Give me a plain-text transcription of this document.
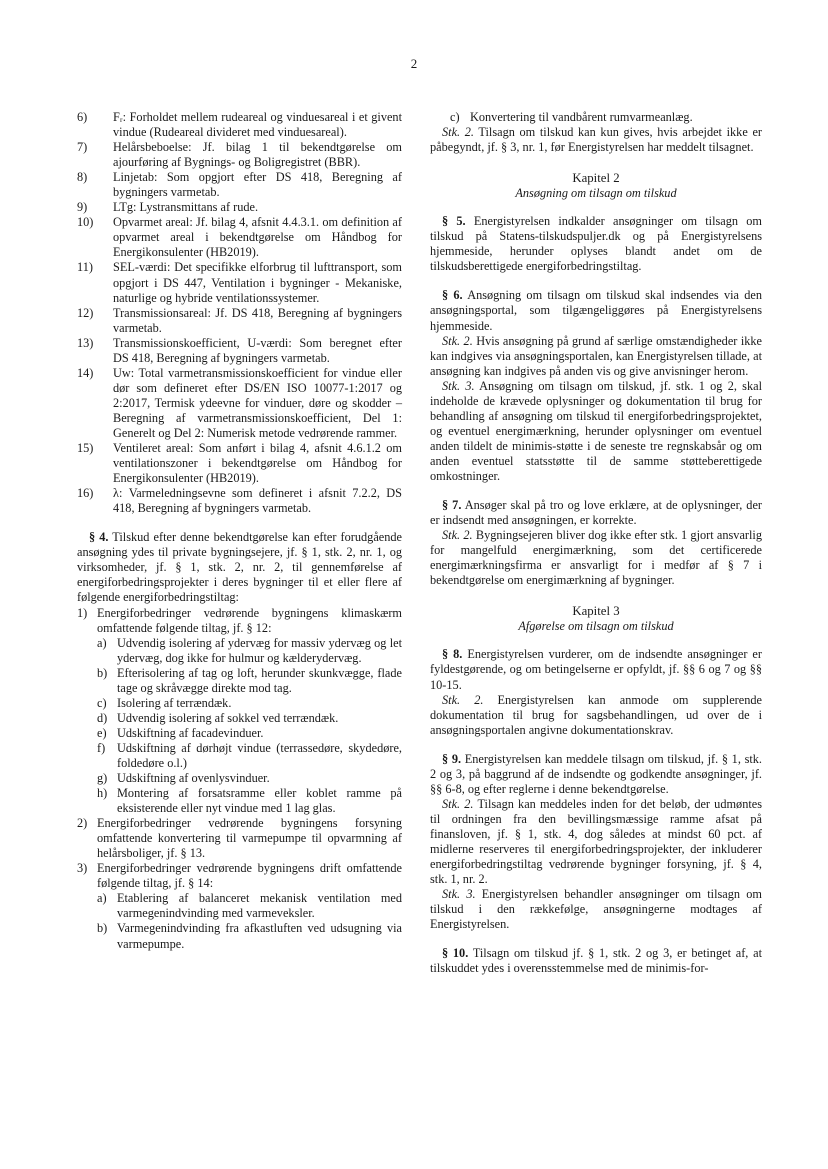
2
6)	Fᵣ: Forholdet mellem rudeareal og vinduesareal i et givent vindue (Rudeareal divideret med vinduesareal).
7)	Helårsbeboelse: Jf. bilag 1 til bekendtgørelse om ajourføring af Bygnings- og Boligregistret (BBR).
8)	Linjetab: Som opgjort efter DS 418, Beregning af bygningers varmetab.
9)	LTg: Lystransmittans af rude.
10)	Opvarmet areal: Jf. bilag 4, afsnit 4.4.3.1. om definition af opvarmet areal i bekendtgørelse om Håndbog for Energikonsulenter (HB2019).
11)	SEL-værdi: Det specifikke elforbrug til lufttransport, som opgjort i DS 447, Ventilation i bygninger - Mekaniske, naturlige og hybride ventilationssystemer.
12)	Transmissionsareal: Jf. DS 418, Beregning af bygningers varmetab.
13)	Transmissionskoefficient, U-værdi: Som beregnet efter DS 418, Beregning af bygningers varmetab.
14)	Uw: Total varmetransmissionskoefficient for vindue eller dør som defineret efter DS/EN ISO 10077-1:2017 og 2:2017, Termisk ydeevne for vinduer, døre og skodder – Beregning af varmetransmissionskoefficient, Del 1: Generelt og Del 2: Numerisk metode vedrørende rammer.
15)	Ventileret areal: Som anført i bilag 4, afsnit 4.6.1.2 om ventilationszoner i bekendtgørelse om Håndbog for Energikonsulenter (HB2019).
16)	λ: Varmeledningsevne som defineret i afsnit 7.2.2, DS 418, Beregning af bygningers varmetab.
§ 4. Tilskud efter denne bekendtgørelse kan efter forudgående ansøgning ydes til private bygningsejere, jf. § 1, stk. 2, nr. 1, og virksomheder, jf. § 1, stk. 2, nr. 2, til gennemførelse af energiforbedringsprojekter i deres bygninger til et eller flere af følgende energiforbedringstiltag:
1) Energiforbedringer vedrørende bygningens klimaskærm omfattende følgende tiltag, jf. § 12:
a) Udvendig isolering af ydervæg for massiv ydervæg og let ydervæg, dog ikke for hulmur og kælderydervæg.
b) Efterisolering af tag og loft, herunder skunkvægge, flade tage og skråvægge direkte mod tag.
c) Isolering af terrændæk.
d) Udvendig isolering af sokkel ved terrændæk.
e) Udskiftning af facadevinduer.
f) Udskiftning af dørhøjt vindue (terrassedøre, skydedøre, foldedøre o.l.)
g) Udskiftning af ovenlysvinduer.
h) Montering af forsatsramme eller koblet ramme på eksisterende eller nyt vindue med 1 lag glas.
2) Energiforbedringer vedrørende bygningens forsyning omfattende konvertering til varmepumpe til opvarmning af helårsboliger, jf. § 13.
3) Energiforbedringer vedrørende bygningens drift omfattende følgende tiltag, jf. § 14:
a) Etablering af balanceret mekanisk ventilation med varmegenindvinding med varmeveksler.
b) Varmegenindvinding fra afkastluften ved udsugning via varmepumpe.
c) Konvertering til vandbårent rumvarmeanlæg.
Stk. 2. Tilsagn om tilskud kan kun gives, hvis arbejdet ikke er påbegyndt, jf. § 3, nr. 1, før Energistyrelsen har meddelt tilsagnet.
Kapitel 2
Ansøgning om tilsagn om tilskud
§ 5. Energistyrelsen indkalder ansøgninger om tilsagn om tilskud på Statens-tilskudspuljer.dk og på Energistyrelsens hjemmeside, herunder oplyses blandt andet om de tilskudsberettigede energiforbedringstiltag.
§ 6. Ansøgning om tilsagn om tilskud skal indsendes via den ansøgningsportal, som tilgængeliggøres på Energistyrelsens hjemmeside.
Stk. 2. Hvis ansøgning på grund af særlige omstændigheder ikke kan indgives via ansøgningsportalen, kan Energistyrelsen tillade, at ansøgning kan indgives på anden vis og give anvisninger herom.
Stk. 3. Ansøgning om tilsagn om tilskud, jf. stk. 1 og 2, skal indeholde de krævede oplysninger og dokumentation til brug for behandling af ansøgning om tilskud til energiforbedringsprojektet, og eventuel energimærkning, herunder oplysninger om eventuel anden tildelt de minimis-støtte i de seneste tre regnskabsår og om anden eventuel statsstøtte til de samme støtteberettigede omkostninger.
§ 7. Ansøger skal på tro og love erklære, at de oplysninger, der er indsendt med ansøgningen, er korrekte.
Stk. 2. Bygningsejeren bliver dog ikke efter stk. 1 gjort ansvarlig for mangelfuld energimærkning, som det certificerede energimærkningsfirma er ansvarligt for i medfør af § 7 i bekendtgørelse om energimærkning af bygninger.
Kapitel 3
Afgørelse om tilsagn om tilskud
§ 8. Energistyrelsen vurderer, om de indsendte ansøgninger er fyldestgørende, og om betingelserne er opfyldt, jf. §§ 6 og 7 og §§ 10-15.
Stk. 2. Energistyrelsen kan anmode om supplerende dokumentation til brug for sagsbehandlingen, ud over de i ansøgningsportalen angivne dokumentationskrav.
§ 9. Energistyrelsen kan meddele tilsagn om tilskud, jf. § 1, stk. 2 og 3, på baggrund af de indsendte og godkendte ansøgninger, jf. §§ 6-8, og efter reglerne i denne bekendtgørelse.
Stk. 2. Tilsagn kan meddeles inden for det beløb, der udmøntes til ordningen fra den bevillingsmæssige ramme afsat på finansloven, jf. § 1, stk. 4, dog således at mindst 60 pct. af midlerne reserveres til energiforbedringsprojekter, der inkluderer energiforbedringstiltag vedrørende bygninger forsyning, jf. § 4, stk. 1, nr. 2.
Stk. 3. Energistyrelsen behandler ansøgninger om tilsagn om tilskud i den rækkefølge, ansøgningerne modtages af Energistyrelsen.
§ 10. Tilsagn om tilskud jf. § 1, stk. 2 og 3, er betinget af, at tilskuddet ydes i overensstemmelse med de minimis-for-
